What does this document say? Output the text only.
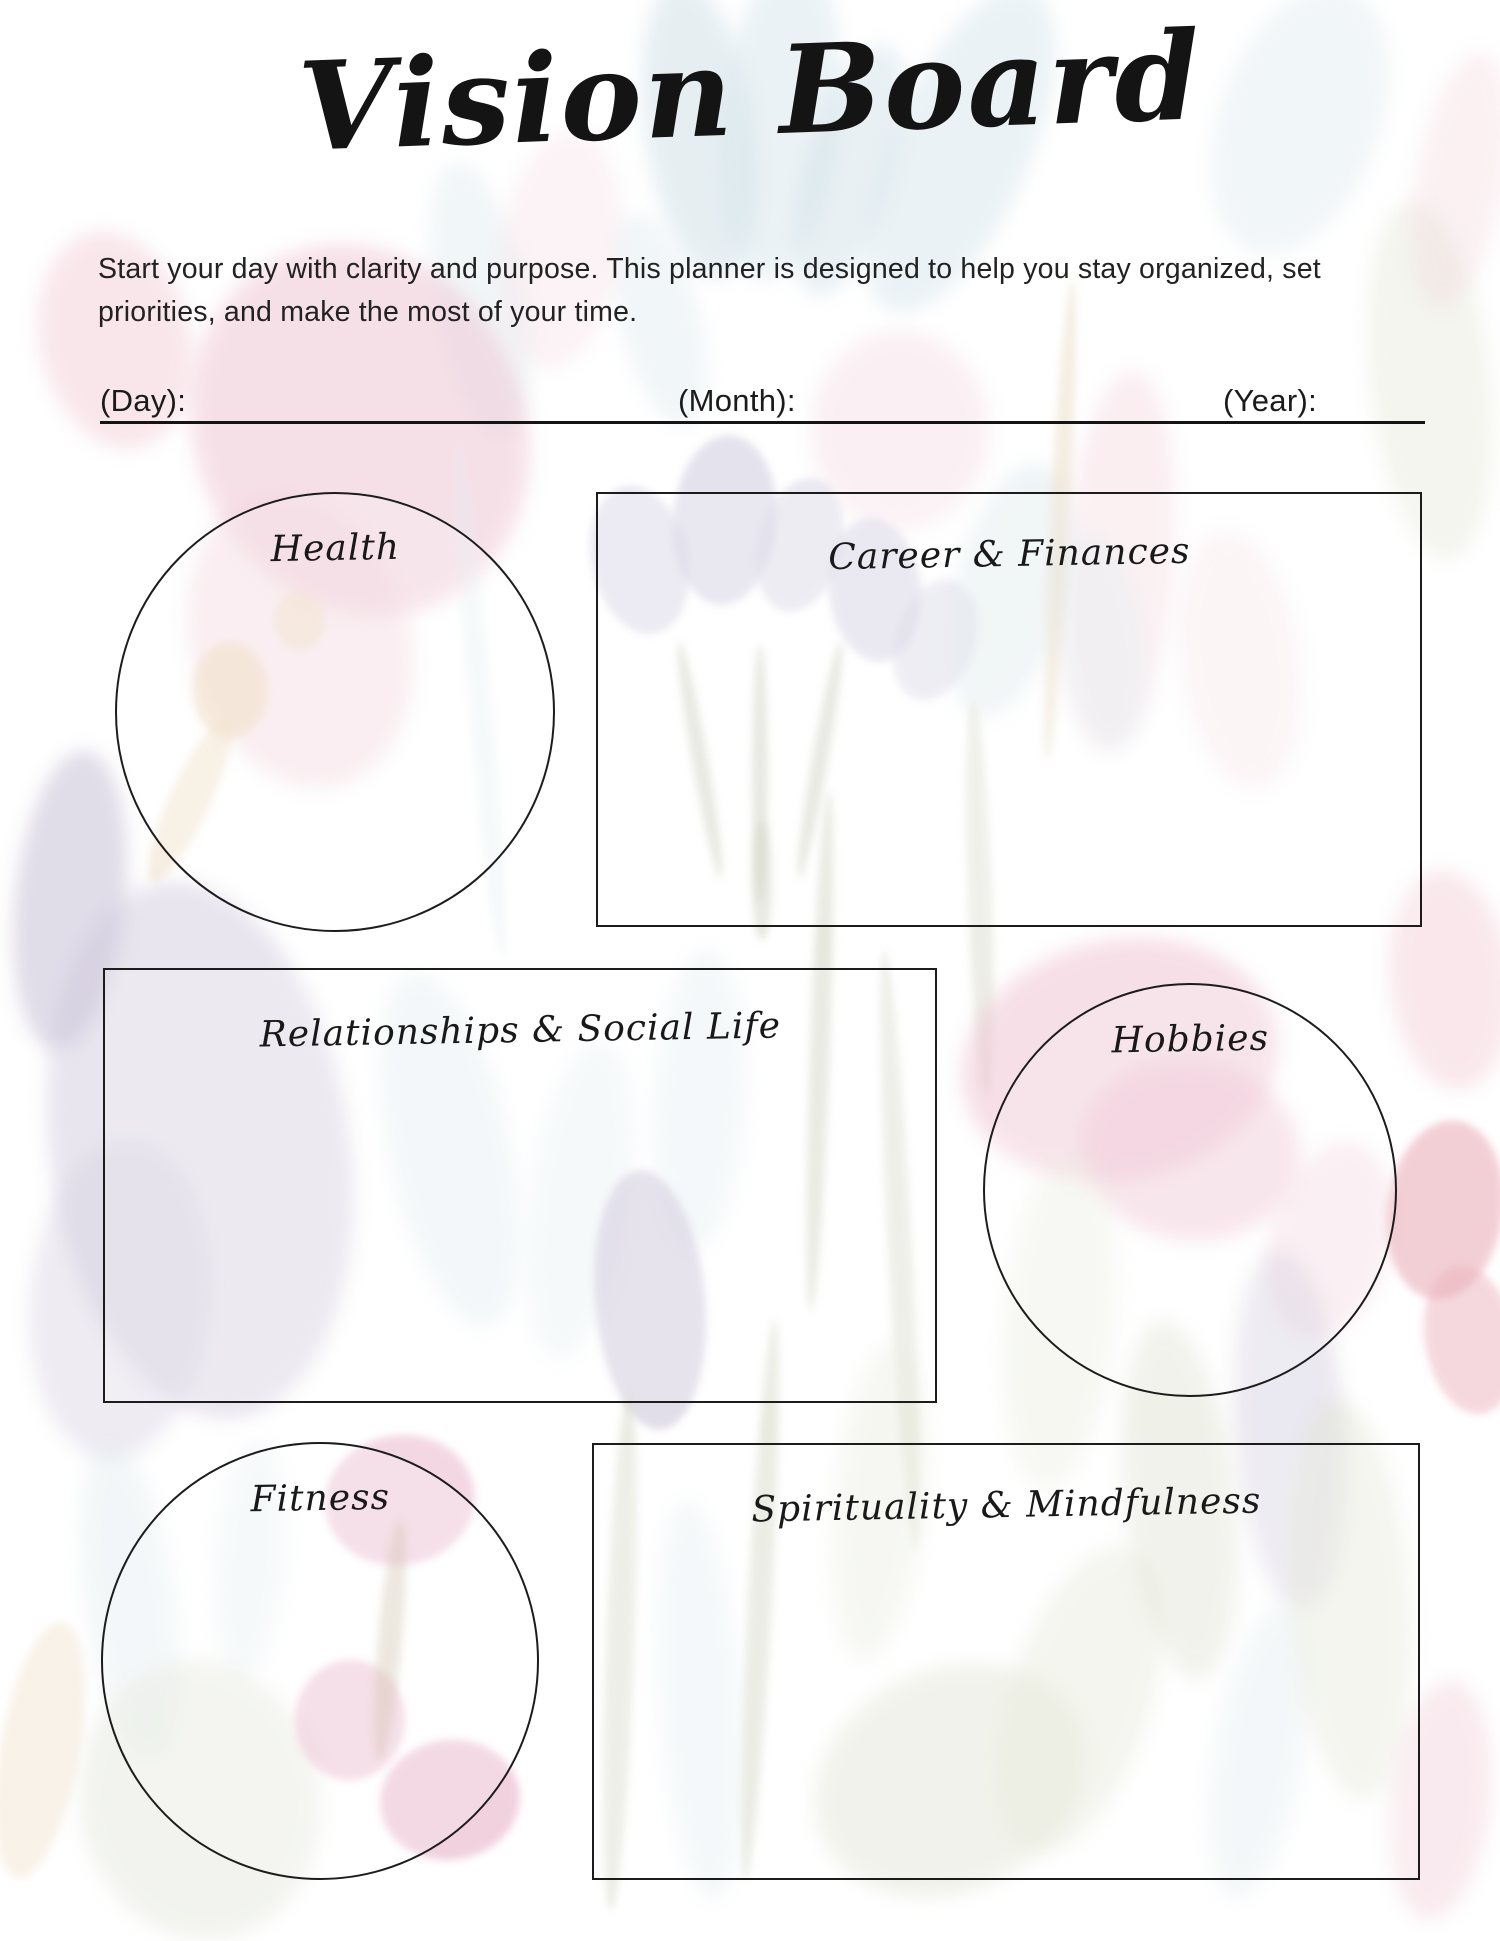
Vision Board

Start your day with clarity and purpose. This planner is designed to help you stay organized, set priorities, and make the most of your time.

(Day):	(Month):	(Year):
Health	Career & Finances
Relationships & Social Life	Hobbies
Fitness	Spirituality & Mindfulness
